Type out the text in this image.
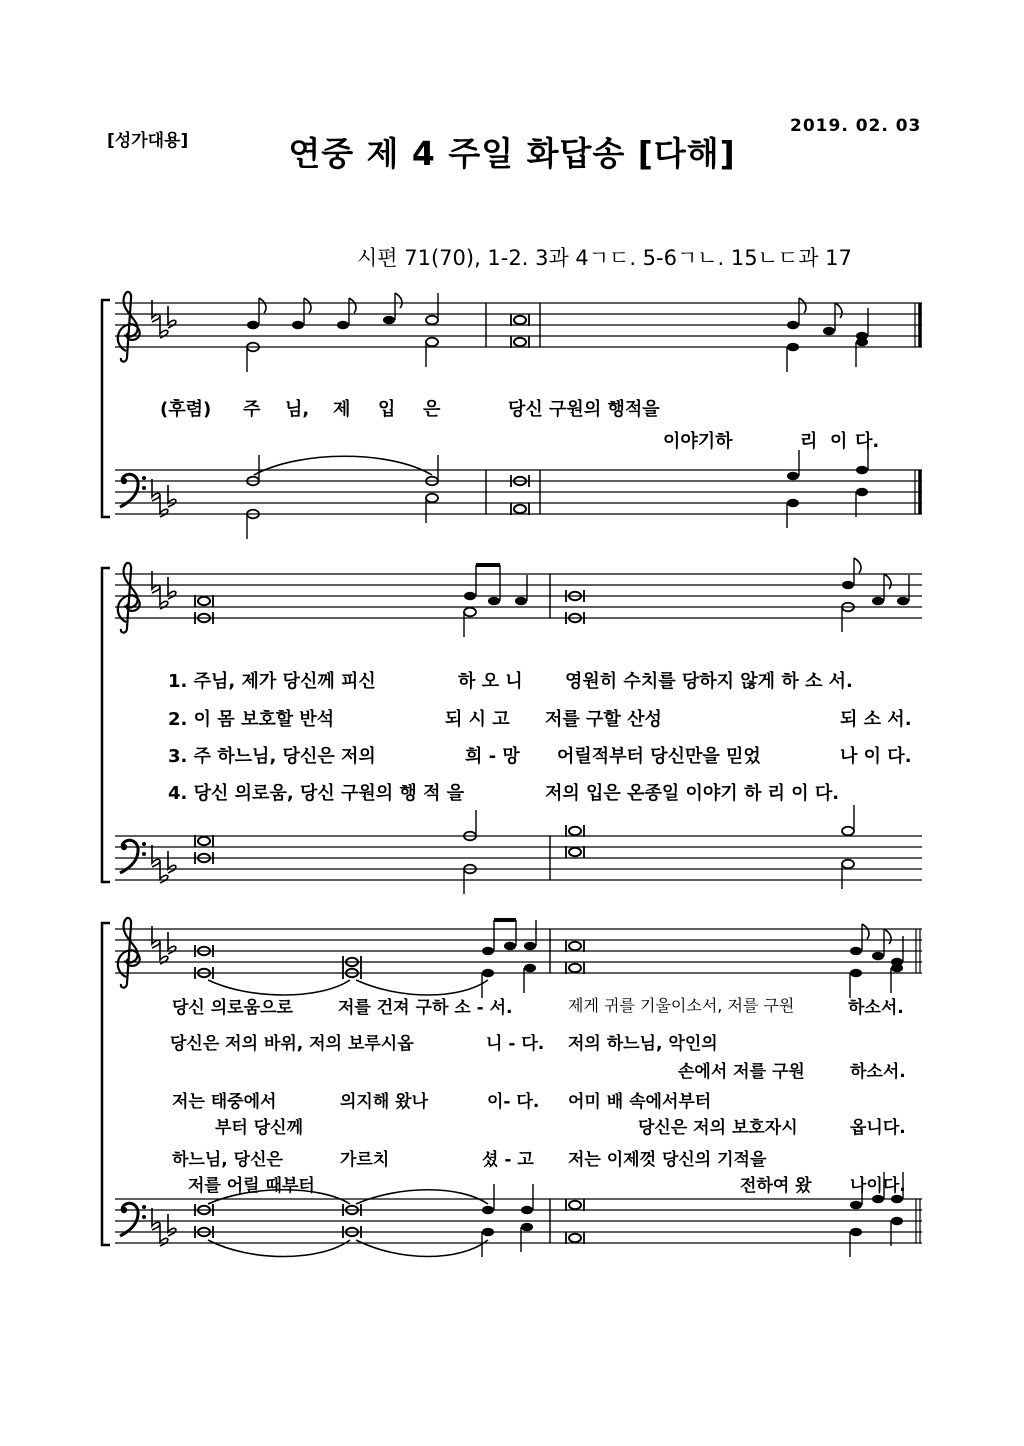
[성가대용]	연중 제 4 주일 화답송 [다해]
2019. 02. 03
시편 71(70), 1-2. 3과 4ㄱㄷ. 5-6ㄱㄴ. 15ㄴㄷ과 17
(후렴) 주 님, 제 입 은	당신 구원의 행적을
이야기하	리 이 다.
1. 주님, 제가 당신께 피신	하 오 니 영원히 수치를 당하지 않게 하 소 서.
2. 이 몸 보호할 반석	되 시 고 저를 구할 산성	되 소 서.
3. 주 하느님, 당신은 저의	희 - 망 어릴적부터 당신만을 믿었	나 이 다.
4. 당신 의로움, 당신 구원의 행 적 을	저의 입은 온종일 이야기 하 리 이 다.
당신 의로움으로	저를 건져 구하 소 - 서.	제게 귀를 기울이소서, 저를 구원	하소서.
당신은 저의 바위, 저의 보루시옵	니 - 다. 저의 하느님, 악인의
손에서 저를 구원	하소서.
저는 태중에서	의지해 왔나	이- 다. 어미 배 속에서부터
부터 당신께	당신은 저의 보호자시	옵니다.
하느님, 당신은	가르치	셨 - 고 저는 이제껏 당신의 기적을
저를 어릴 때부터	전하여 왔 나이다.
